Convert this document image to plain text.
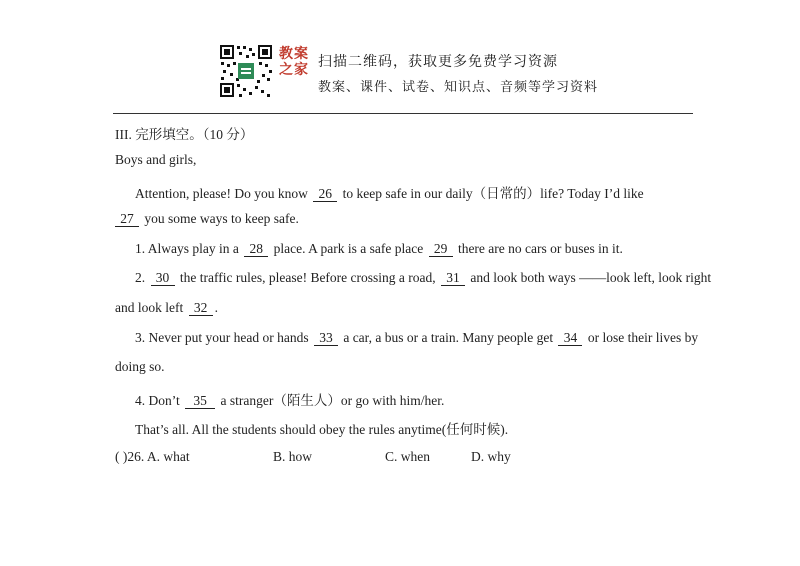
教案
之家 扫描二维码，获取更多免费学习资源
教案、课件、试卷、知识点、音频等学习资料
III. 完形填空。（10 分）
Boys and girls,
Attention, please! Do you know 26 to keep safe in our daily（日常的）life? Today I’d like
27 you some ways to keep safe.
1. Always play in a 28 place. A park is a safe place 29 there are no cars or buses in it.
2. 30 the traffic rules, please! Before crossing a road, 31 and look both ways ——look left, look right
and look left 32 .
3. Never put your head or hands 33 a car, a bus or a train. Many people get 34 or lose their lives by
doing so.
4. Don’t 35 a stranger（陌生人）or go with him/her.
That’s all. All the students should obey the rules anytime(任何时候).
( )26. A. what	B. how	C. when	D. why
